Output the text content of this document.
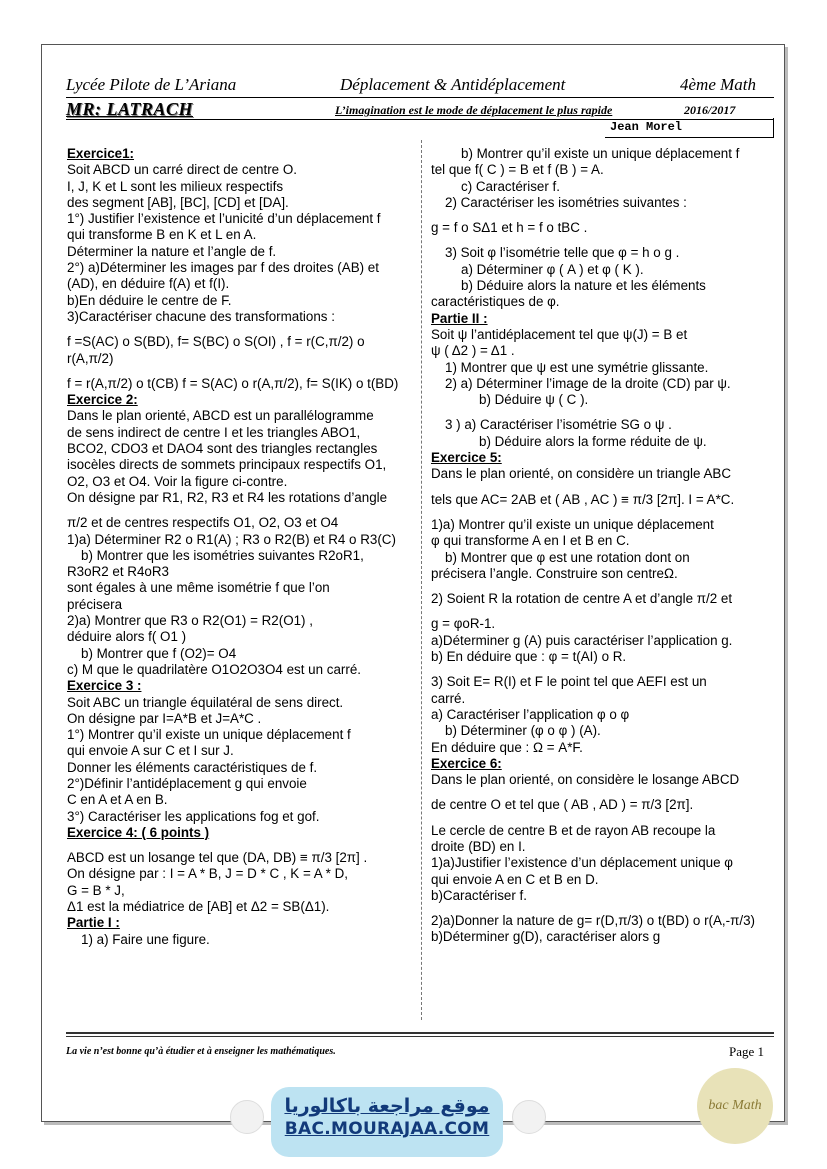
Lycée Pilote de L’Ariana	Déplacement & Antidéplacement	4ème Math
MR: LATRACH	L’imagination est le mode de déplacement le plus rapide	2016/2017
Jean Morel

Exercice1:

Soit ABCD un carré direct de centre O.

I, J, K et L sont les milieux respectifs

des segment [AB], [BC], [CD] et [DA].

1°) Justifier l’existence et l’unicité d’un déplacement f

qui transforme B en K et L en A.

Déterminer la nature et l’angle de f.

2°) a)Déterminer les images par f des droites (AB) et

(AD), en déduire f(A) et f(I).

b)En déduire le centre de F.

3)Caractériser chacune des transformations :

f =S(AC) o S(BD), f= S(BC) o S(OI) , f = r(C,π/2) o r(A,π/2)

f = r(A,π/2) o t(CB) f = S(AC) o r(A,π/2), f= S(IK) o t(BD)

Exercice 2:

Dans le plan orienté, ABCD est un parallélogramme

de sens indirect de centre I et les triangles ABO1,

BCO2, CDO3 et DAO4 sont des triangles rectangles

isocèles directs de sommets principaux respectifs O1,

O2, O3 et O4. Voir la figure ci-contre.

On désigne par R1, R2, R3 et R4 les rotations d’angle

π/2 et de centres respectifs O1, O2, O3 et O4

1)a) Déterminer R2 o R1(A) ; R3 o R2(B) et R4 o R3(C)

b) Montrer que les isométries suivantes R2oR1,

R3oR2 et R4oR3

sont égales à une même isométrie f que l’on

précisera

2)a) Montrer que R3 o R2(O1) = R2(O1) ,

déduire alors f( O1 )

b) Montrer que f (O2)= O4

c) M que le quadrilatère O1O2O3O4 est un carré.

Exercice 3 :

Soit ABC un triangle équilatéral de sens direct.

On désigne par I=A*B et J=A*C .

1°) Montrer qu’il existe un unique déplacement f

qui envoie A sur C et I sur J.

Donner les éléments caractéristiques de f.

2°)Définir l’antidéplacement g qui envoie

C en A et A en B.

3°) Caractériser les applications fog et gof.

Exercice 4: ( 6 points )

ABCD est un losange tel que (DA, DB) ≡ π/3 [2π] .

On désigne par : I = A * B, J = D * C , K = A * D,

G = B * J,

Δ1 est la médiatrice de [AB] et Δ2 = SB(Δ1).

Partie I :

1) a) Faire une figure.

b) Montrer qu’il existe un unique déplacement f

tel que f( C ) = B et f (B ) = A.

c) Caractériser f.

2) Caractériser les isométries suivantes :

g = f o SΔ1 et h = f o tBC .

3) Soit φ l’isométrie telle que φ = h o g .

a) Déterminer φ ( A ) et φ ( K ).

b) Déduire alors la nature et les éléments

caractéristiques de φ.

Partie II :

Soit ψ l’antidéplacement tel que ψ(J) = B et

ψ ( Δ2 ) = Δ1 .

1) Montrer que ψ est une symétrie glissante.

2) a) Déterminer l’image de la droite (CD) par ψ.

b) Déduire ψ ( C ).

3 ) a) Caractériser l’isométrie SG o ψ .

b) Déduire alors la forme réduite de ψ.

Exercice 5:

Dans le plan orienté, on considère un triangle ABC

tels que AC= 2AB et ( AB , AC ) ≡ π/3 [2π]. I = A*C.

1)a) Montrer qu’il existe un unique déplacement

φ qui transforme A en I et B en C.

b) Montrer que φ est une rotation dont on

précisera l’angle. Construire son centreΩ.

2) Soient R la rotation de centre A et d’angle π/2 et

g = φoR-1.

a)Déterminer g (A) puis caractériser l’application g.

b) En déduire que : φ = t(AI) o R.

3) Soit E= R(I) et F le point tel que AEFI est un

carré.

a) Caractériser l’application φ o φ

b) Déterminer (φ o φ ) (A).

En déduire que : Ω = A*F.

Exercice 6:

Dans le plan orienté, on considère le losange ABCD

de centre O et tel que ( AB , AD ) = π/3 [2π].

Le cercle de centre B et de rayon AB recoupe la

droite (BD) en I.

1)a)Justifier l’existence d’un déplacement unique φ

qui envoie A en C et B en D.

b)Caractériser f.

2)a)Donner la nature de g= r(D,π/3) o t(BD) o r(A,-π/3)

b)Déterminer g(D), caractériser alors g

La vie n’est bonne qu’à étudier et à enseigner les mathématiques.	Page 1
موقع مراجعة باكالوريا
BAC.MOURAJAA.COM
bac Math
